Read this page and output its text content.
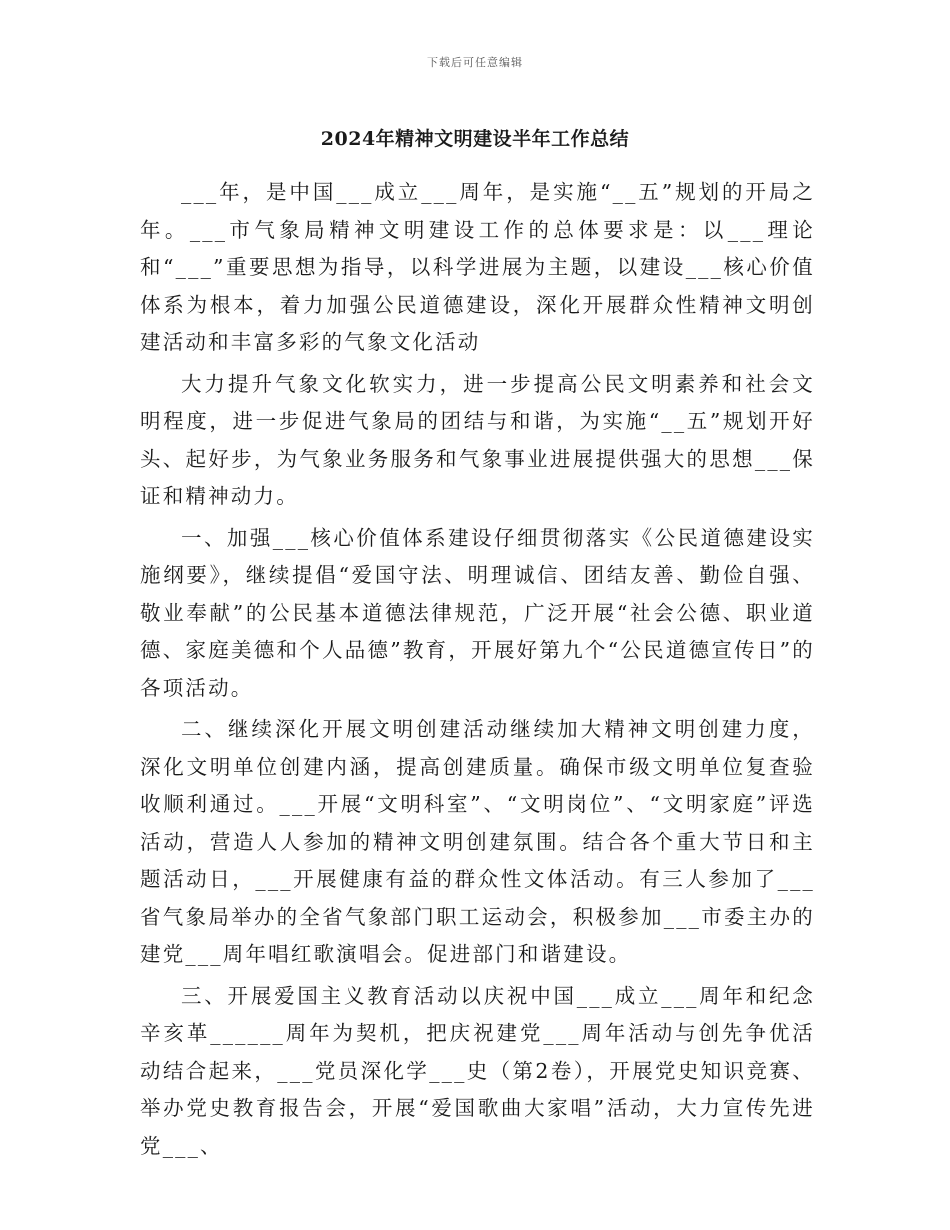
下载后可任意编辑
2024年精神文明建设半年工作总结

___年，是中国___成立___周年，是实施“__五”规划的开局之年。___市气象局精神文明建设工作的总体要求是：以___理论和“___”重要思想为指导，以科学进展为主题，以建设___核心价值体系为根本，着力加强公民道德建设，深化开展群众性精神文明创建活动和丰富多彩的气象文化活动

大力提升气象文化软实力，进一步提高公民文明素养和社会文明程度，进一步促进气象局的团结与和谐，为实施“__五”规划开好头、起好步，为气象业务服务和气象事业进展提供强大的思想___保证和精神动力。

一、加强___核心价值体系建设仔细贯彻落实《公民道德建设实施纲要》，继续提倡“爱国守法、明理诚信、团结友善、勤俭自强、敬业奉献”的公民基本道德法律规范，广泛开展“社会公德、职业道德、家庭美德和个人品德”教育，开展好第九个“公民道德宣传日”的各项活动。

二、继续深化开展文明创建活动继续加大精神文明创建力度，深化文明单位创建内涵，提高创建质量。确保市级文明单位复查验收顺利通过。___开展“文明科室”、“文明岗位”、“文明家庭”评选活动，营造人人参加的精神文明创建氛围。结合各个重大节日和主题活动日，___开展健康有益的群众性文体活动。有三人参加了___省气象局举办的全省气象部门职工运动会，积极参加___市委主办的建党___周年唱红歌演唱会。促进部门和谐建设。

三、开展爱国主义教育活动以庆祝中国___成立___周年和纪念辛亥革______周年为契机，把庆祝建党___周年活动与创先争优活动结合起来，___党员深化学___史（第2卷），开展党史知识竞赛、举办党史教育报告会，开展“爱国歌曲大家唱”活动，大力宣传先进党___、
